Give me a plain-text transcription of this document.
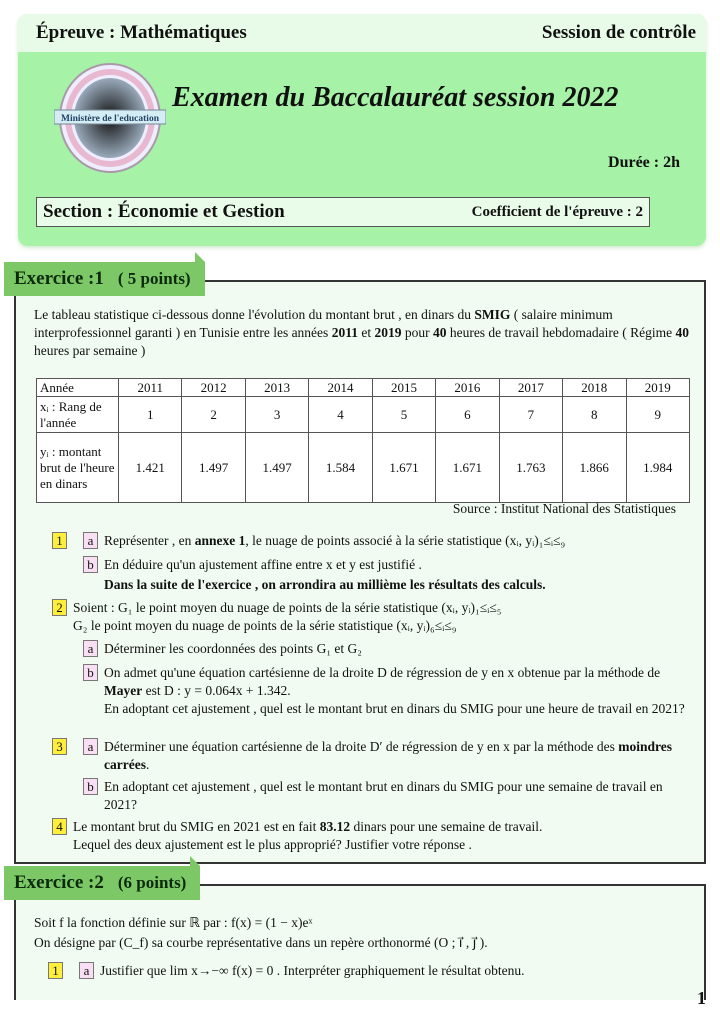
Épreuve : Mathématiques	Session de contrôle
Ministère de l'education
Examen du Baccalauréat session 2022
Durée : 2h
Section : Économie et Gestion	Coefficient de l'épreuve : 2
Le tableau statistique ci-dessous donne l'évolution du montant brut , en dinars du SMIG ( salaire minimum interprofessionnel garanti ) en Tunisie entre les années 2011 et 2019 pour 40 heures de travail hebdomadaire ( Régime 40 heures par semaine )
Année	2011	2012	2013	2014	2015	2016	2017	2018	2019
xᵢ : Rang de l'année	1	2	3	4	5	6	7	8	9
yᵢ : montant brut de l'heure en dinars	1.421	1.497	1.497	1.584	1.671	1.671	1.763	1.866	1.984
Source : Institut National des Statistiques
1 a Représenter , en annexe 1, le nuage de points associé à la série statistique (xᵢ, yᵢ)₁≤ᵢ≤₉
b En déduire qu'un ajustement affine entre x et y est justifié .
Dans la suite de l'exercice , on arrondira au millième les résultats des calculs.
2 Soient : G₁ le point moyen du nuage de points de la série statistique (xᵢ, yᵢ)₁≤ᵢ≤₅
G₂ le point moyen du nuage de points de la série statistique (xᵢ, yᵢ)₆≤ᵢ≤₉
a Déterminer les coordonnées des points G₁ et G₂
b On admet qu'une équation cartésienne de la droite D de régression de y en x obtenue par la méthode de Mayer est D : y = 0.064x + 1.342.
En adoptant cet ajustement , quel est le montant brut en dinars du SMIG pour une heure de travail en 2021?
3 a Déterminer une équation cartésienne de la droite D′ de régression de y en x par la méthode des moindres carrées.
b En adoptant cet ajustement , quel est le montant brut en dinars du SMIG pour une semaine de travail en 2021?
4 Le montant brut du SMIG en 2021 est en fait 83.12 dinars pour une semaine de travail.
Lequel des deux ajustement est le plus approprié? Justifier votre réponse .
Exercice :1 ( 5 points)
Soit f la fonction définie sur ℝ par : f(x) = (1 − x)eˣ
On désigne par (C_f) sa courbe représentative dans un repère orthonormé (O ; i⃗ , j⃗ ).
1 a Justifier que lim x→−∞ f(x) = 0 . Interpréter graphiquement le résultat obtenu.
Exercice :2 (6 points)
1
